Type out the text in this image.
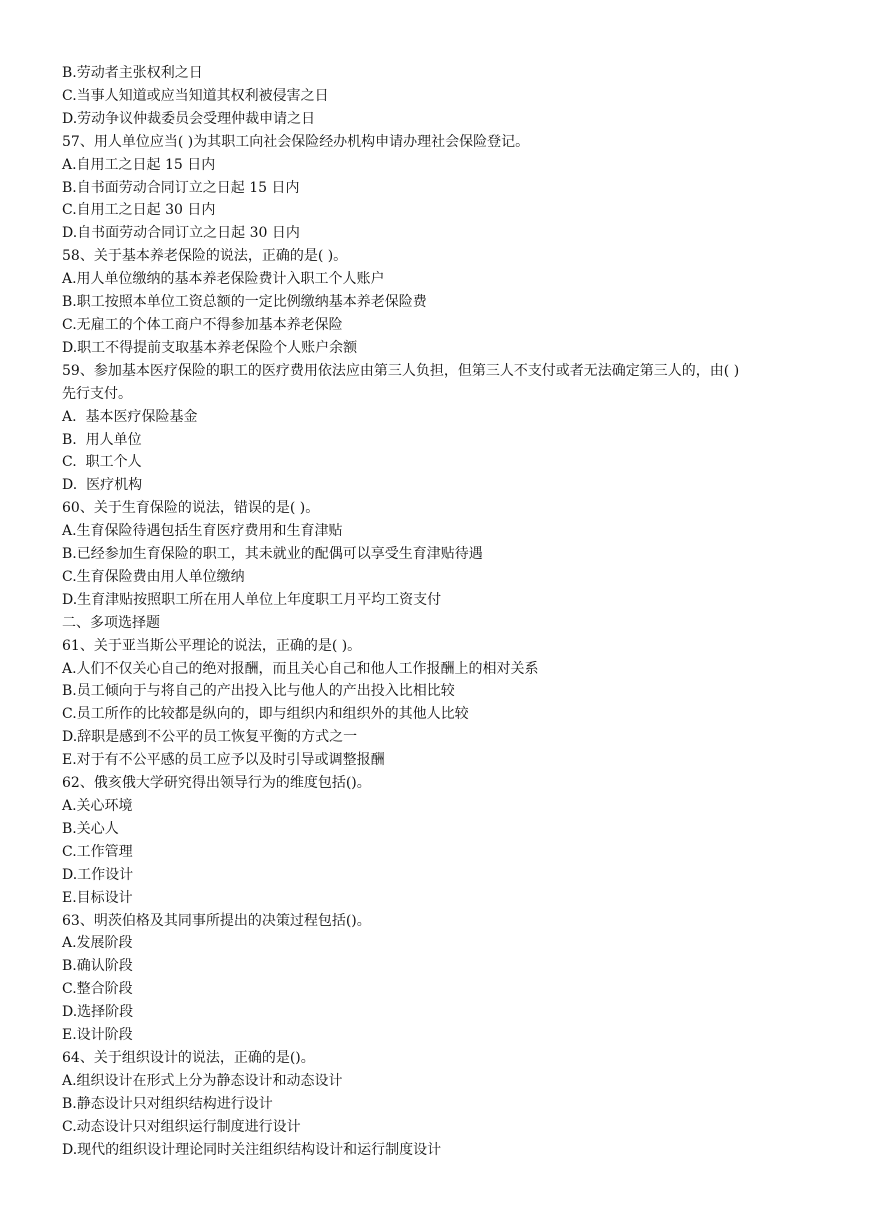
B.劳动者主张权利之日

C.当事人知道或应当知道其权利被侵害之日

D.劳动争议仲裁委员会受理仲裁申请之日

57、用人单位应当( )为其职工向社会保险经办机构申请办理社会保险登记。

A.自用工之日起 15 日内

B.自书面劳动合同订立之日起 15 日内

C.自用工之日起 30 日内

D.自书面劳动合同订立之日起 30 日内

58、关于基本养老保险的说法，正确的是( )。

A.用人单位缴纳的基本养老保险费计入职工个人账户

B.职工按照本单位工资总额的一定比例缴纳基本养老保险费

C.无雇工的个体工商户不得参加基本养老保险

D.职工不得提前支取基本养老保险个人账户余额

59、参加基本医疗保险的职工的医疗费用依法应由第三人负担，但第三人不支付或者无法确定第三人的，由( )

先行支付。

A.  基本医疗保险基金

B.  用人单位

C.  职工个人

D.  医疗机构

60、关于生育保险的说法，错误的是( )。

A.生育保险待遇包括生育医疗费用和生育津贴

B.已经参加生育保险的职工，其未就业的配偶可以享受生育津贴待遇

C.生育保险费由用人单位缴纳

D.生育津贴按照职工所在用人单位上年度职工月平均工资支付

二、多项选择题

61、关于亚当斯公平理论的说法，正确的是( )。

A.人们不仅关心自己的绝对报酬，而且关心自己和他人工作报酬上的相对关系

B.员工倾向于与将自己的产出投入比与他人的产出投入比相比较

C.员工所作的比较都是纵向的，即与组织内和组织外的其他人比较

D.辞职是感到不公平的员工恢复平衡的方式之一

E.对于有不公平感的员工应予以及时引导或调整报酬

62、俄亥俄大学研究得出领导行为的维度包括()。

A.关心环境

B.关心人

C.工作管理

D.工作设计

E.目标设计

63、明茨伯格及其同事所提出的决策过程包括()。

A.发展阶段

B.确认阶段

C.整合阶段

D.选择阶段

E.设计阶段

64、关于组织设计的说法，正确的是()。

A.组织设计在形式上分为静态设计和动态设计

B.静态设计只对组织结构进行设计

C.动态设计只对组织运行制度进行设计

D.现代的组织设计理论同时关注组织结构设计和运行制度设计
